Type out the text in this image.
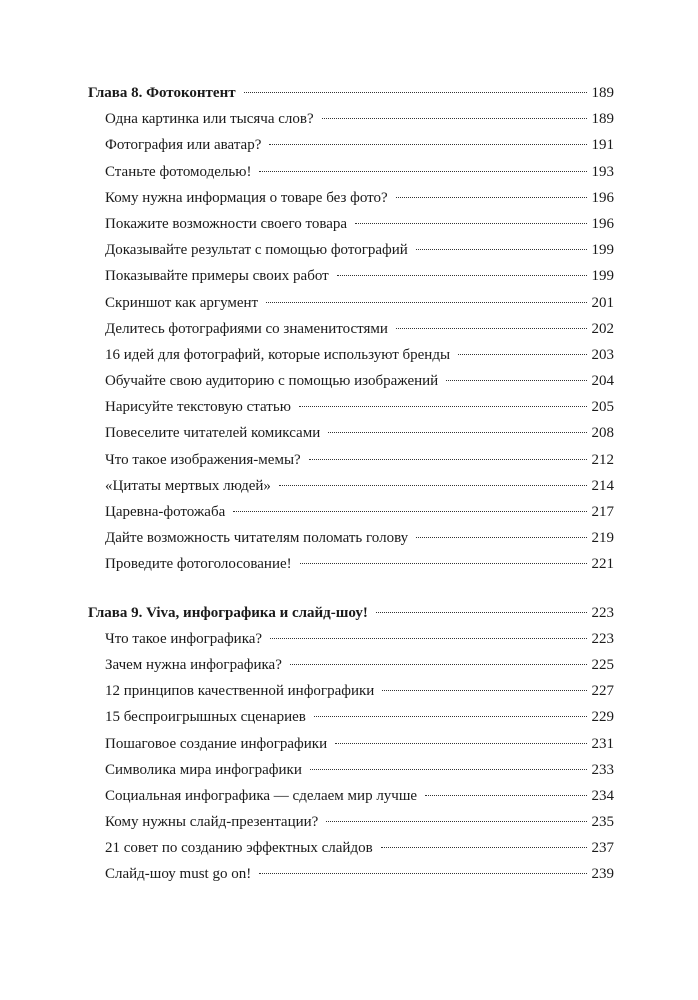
Глава 8. Фотоконтент	189
Одна картинка или тысяча слов?	189
Фотография или аватар?	191
Станьте фотомоделью!	193
Кому нужна информация о товаре без фото?	196
Покажите возможности своего товара	196
Доказывайте результат с помощью фотографий	199
Показывайте примеры своих работ	199
Скриншот как аргумент	201
Делитесь фотографиями со знаменитостями	202
16 идей для фотографий, которые используют бренды	203
Обучайте свою аудиторию с помощью изображений	204
Нарисуйте текстовую статью	205
Повеселите читателей комиксами	208
Что такое изображения-мемы?	212
«Цитаты мертвых людей»	214
Царевна-фотожаба	217
Дайте возможность читателям поломать голову	219
Проведите фотоголосование!	221
Глава 9. Viva, инфографика и слайд-шоу!	223
Что такое инфографика?	223
Зачем нужна инфографика?	225
12 принципов качественной инфографики	227
15 беспроигрышных сценариев	229
Пошаговое создание инфографики	231
Символика мира инфографики	233
Социальная инфографика — сделаем мир лучше	234
Кому нужны слайд-презентации?	235
21 совет по созданию эффектных слайдов	237
Слайд-шоу must go on!	239
